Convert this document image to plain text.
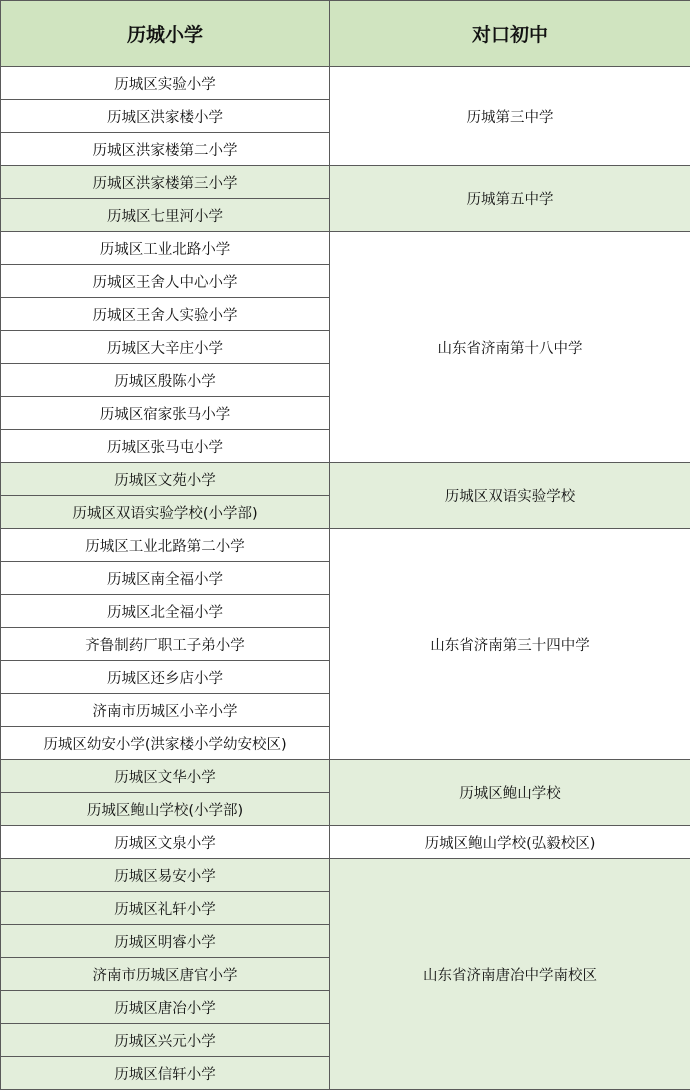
历城小学	对口初中
历城区实验小学	历城第三中学
历城区洪家楼小学	
历城区洪家楼第二小学	
历城区洪家楼第三小学	历城第五中学
历城区七里河小学	
历城区工业北路小学	山东省济南第十八中学
历城区王舍人中心小学	
历城区王舍人实验小学	
历城区大辛庄小学	
历城区殷陈小学	
历城区宿家张马小学	
历城区张马屯小学	
历城区文苑小学	历城区双语实验学校
历城区双语实验学校(小学部)	
历城区工业北路第二小学	山东省济南第三十四中学
历城区南全福小学	
历城区北全福小学	
齐鲁制药厂职工子弟小学	
历城区还乡店小学	
济南市历城区小辛小学	
历城区幼安小学(洪家楼小学幼安校区)	
历城区文华小学	历城区鲍山学校
历城区鲍山学校(小学部)	
历城区文泉小学	历城区鲍山学校(弘毅校区)
历城区易安小学	山东省济南唐冶中学南校区
历城区礼轩小学	
历城区明睿小学	
济南市历城区唐官小学	
历城区唐冶小学	
历城区兴元小学	
历城区信轩小学	
